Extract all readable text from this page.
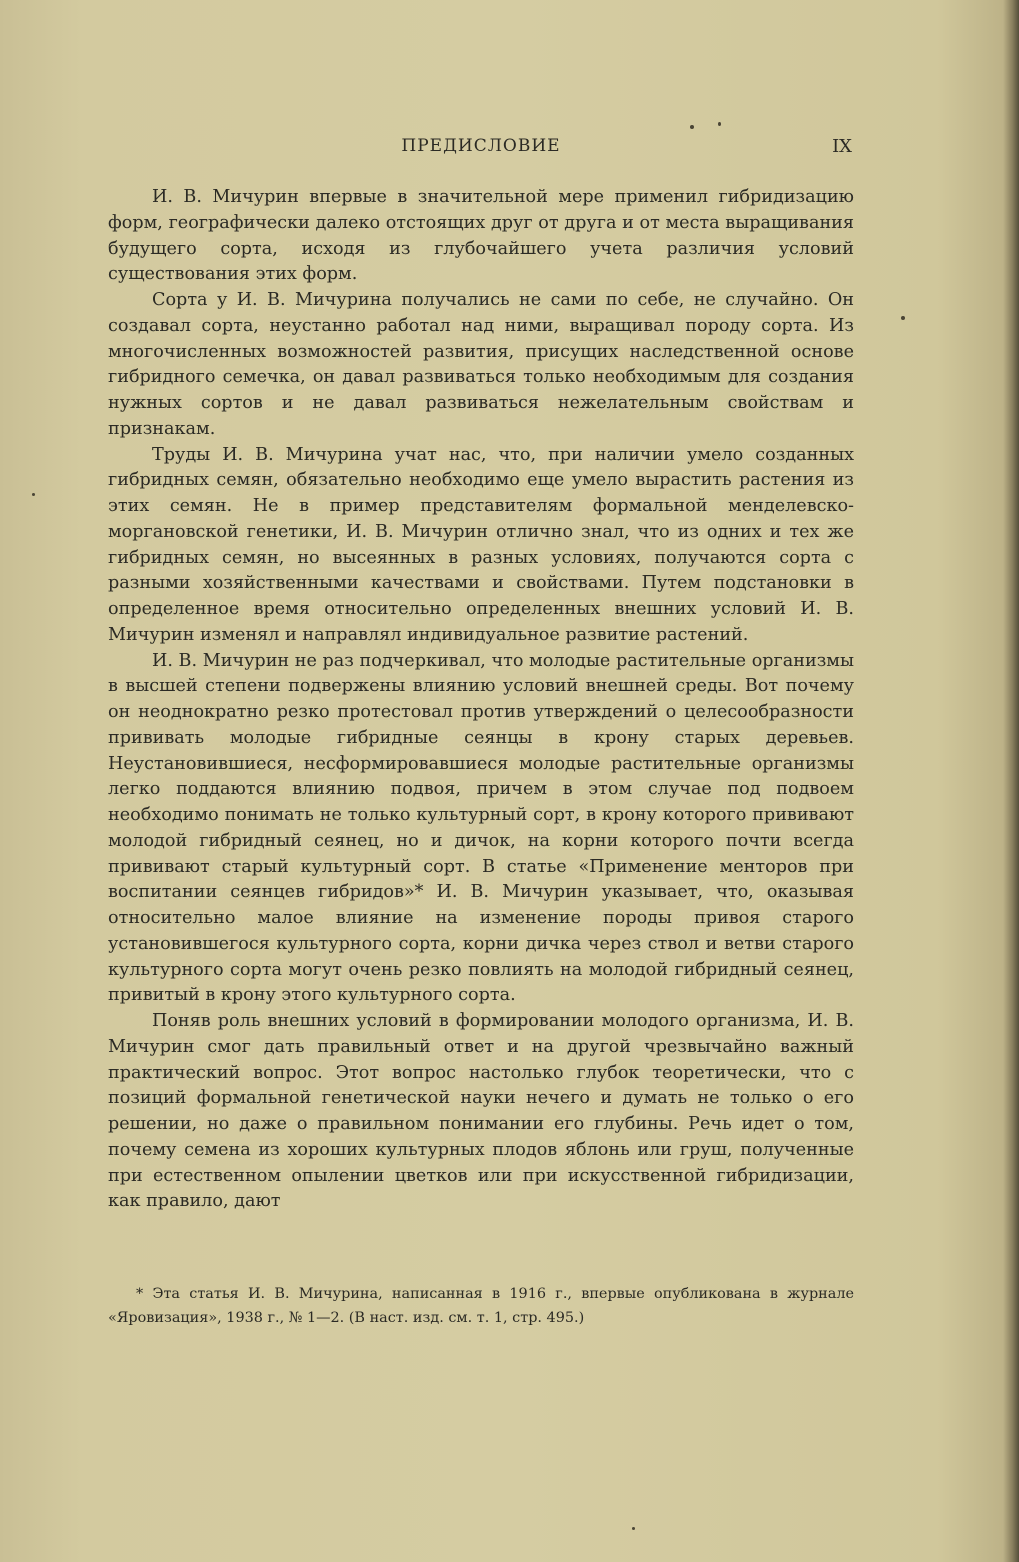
ПРЕДИСЛОВИЕ	IX

И. В. Мичурин впервые в значительной мере применил гибридизацию форм, географически далеко отстоящих друг от друга и от места выращивания будущего сорта, исходя из глубочайшего учета различия условий существования этих форм.

Сорта у И. В. Мичурина получались не сами по себе, не случайно. Он создавал сорта, неустанно работал над ними, выращивал породу сорта. Из многочисленных возможностей развития, присущих наследственной основе гибридного семечка, он давал развиваться только необходимым для создания нужных сортов и не давал развиваться нежелательным свойствам и признакам.

Труды И. В. Мичурина учат нас, что, при наличии умело созданных гибридных семян, обязательно необходимо еще умело вырастить растения из этих семян. Не в пример представителям формальной менделевско-моргановской генетики, И. В. Мичурин отлично знал, что из одних и тех же гибридных семян, но высеянных в разных условиях, получаются сорта с разными хозяйственными качествами и свойствами. Путем подстановки в определенное время относительно определенных внешних условий И. В. Мичурин изменял и направлял индивидуальное развитие растений.

И. В. Мичурин не раз подчеркивал, что молодые растительные организмы в высшей степени подвержены влиянию условий внешней среды. Вот почему он неоднократно резко протестовал против утверждений о целесообразности прививать молодые гибридные сеянцы в крону старых деревьев. Неустановившиеся, несформировавшиеся молодые растительные организмы легко поддаются влиянию подвоя, причем в этом случае под подвоем необходимо понимать не только культурный сорт, в крону которого прививают молодой гибридный сеянец, но и дичок, на корни которого почти всегда прививают старый культурный сорт. В статье «Применение менторов при воспитании сеянцев гибридов»* И. В. Мичурин указывает, что, оказывая относительно малое влияние на изменение породы привоя старого установившегося культурного сорта, корни дичка через ствол и ветви старого культурного сорта могут очень резко повлиять на молодой гибридный сеянец, привитый в крону этого культурного сорта.

Поняв роль внешних условий в формировании молодого организма, И. В. Мичурин смог дать правильный ответ и на другой чрезвычайно важный практический вопрос. Этот вопрос настолько глубок теоретически, что с позиций формальной генетической науки нечего и думать не только о его решении, но даже о правильном понимании его глубины. Речь идет о том, почему семена из хороших культурных плодов яблонь или груш, полученные при естественном опылении цветков или при искусственной гибридизации, как правило, дают

* Эта статья И. В. Мичурина, написанная в 1916 г., впервые опубликована в журнале «Яровизация», 1938 г., № 1—2. (В наст. изд. см. т. 1, стр. 495.)
